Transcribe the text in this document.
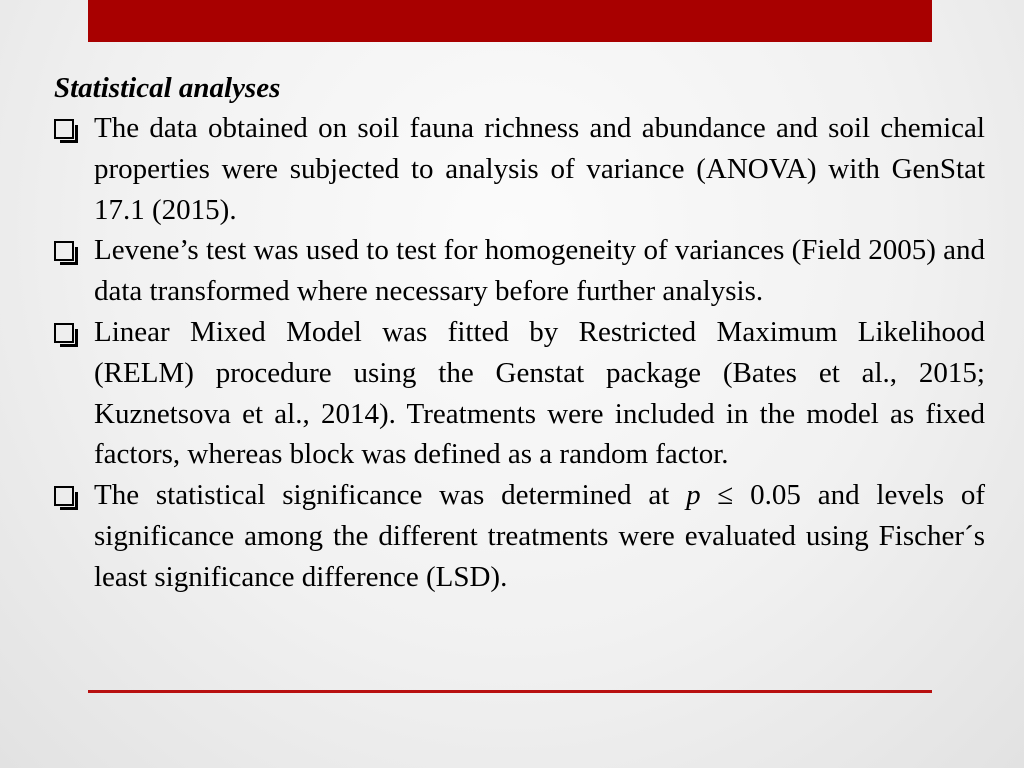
Statistical analyses
The data obtained on soil fauna richness and abundance and soil chemical properties were subjected to analysis of variance (ANOVA) with GenStat 17.1 (2015).
Levene’s test was used to test for homogeneity of variances (Field 2005) and data transformed where necessary before further analysis.
Linear Mixed Model was fitted by Restricted Maximum Likelihood (RELM) procedure using the Genstat package (Bates et al., 2015; Kuznetsova et al., 2014). Treatments were included in the model as fixed factors, whereas block was defined as a random factor.
The statistical significance was determined at p ≤ 0.05 and levels of significance among the different treatments were evaluated using Fischer´s least significance difference (LSD).
